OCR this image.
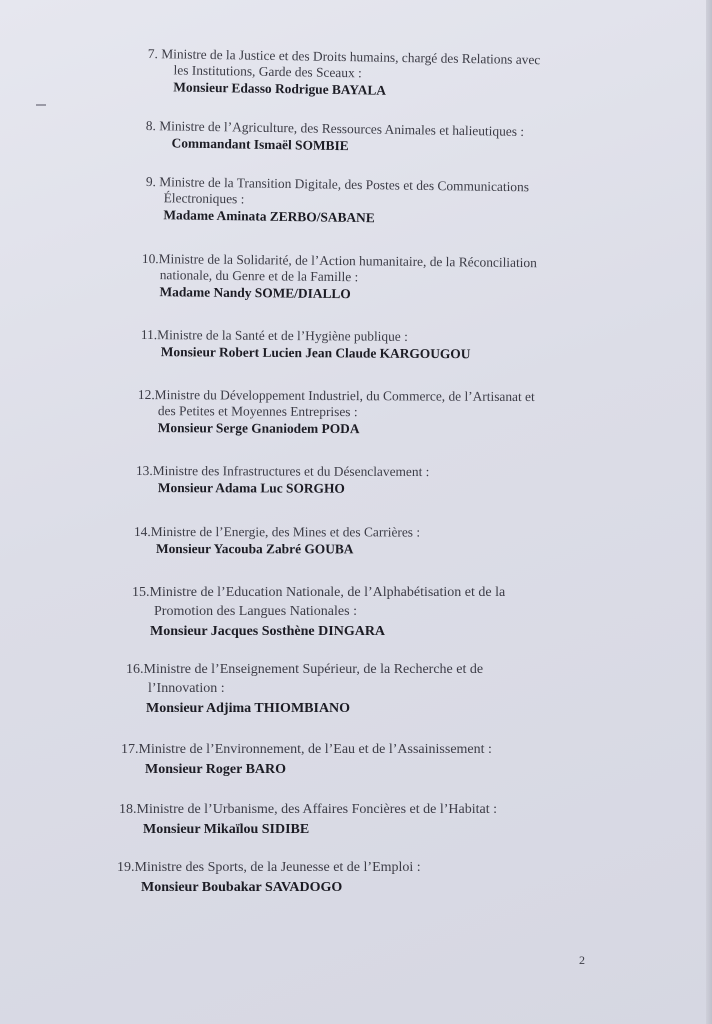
7. Ministre de la Justice et des Droits humains, chargé des Relations avec
les Institutions, Garde des Sceaux :
Monsieur Edasso Rodrigue BAYALA
8. Ministre de l’Agriculture, des Ressources Animales et halieutiques :
Commandant Ismaël SOMBIE
9. Ministre de la Transition Digitale, des Postes et des Communications
Électroniques :
Madame Aminata ZERBO/SABANE
10.Ministre de la Solidarité, de l’Action humanitaire, de la Réconciliation
nationale, du Genre et de la Famille :
Madame Nandy SOME/DIALLO
11.Ministre de la Santé et de l’Hygiène publique :
Monsieur Robert Lucien Jean Claude KARGOUGOU
12.Ministre du Développement Industriel, du Commerce, de l’Artisanat et
des Petites et Moyennes Entreprises :
Monsieur Serge Gnaniodem PODA
13.Ministre des Infrastructures et du Désenclavement :
Monsieur Adama Luc SORGHO
14.Ministre de l’Energie, des Mines et des Carrières :
Monsieur Yacouba Zabré GOUBA
15.Ministre de l’Education Nationale, de l’Alphabétisation et de la
Promotion des Langues Nationales :
Monsieur Jacques Sosthène DINGARA
16.Ministre de l’Enseignement Supérieur, de la Recherche et de
l’Innovation :
Monsieur Adjima THIOMBIANO
17.Ministre de l’Environnement, de l’Eau et de l’Assainissement :
Monsieur Roger BARO
18.Ministre de l’Urbanisme, des Affaires Foncières et de l’Habitat :
Monsieur Mikaïlou SIDIBE
19.Ministre des Sports, de la Jeunesse et de l’Emploi :
Monsieur Boubakar SAVADOGO
2
